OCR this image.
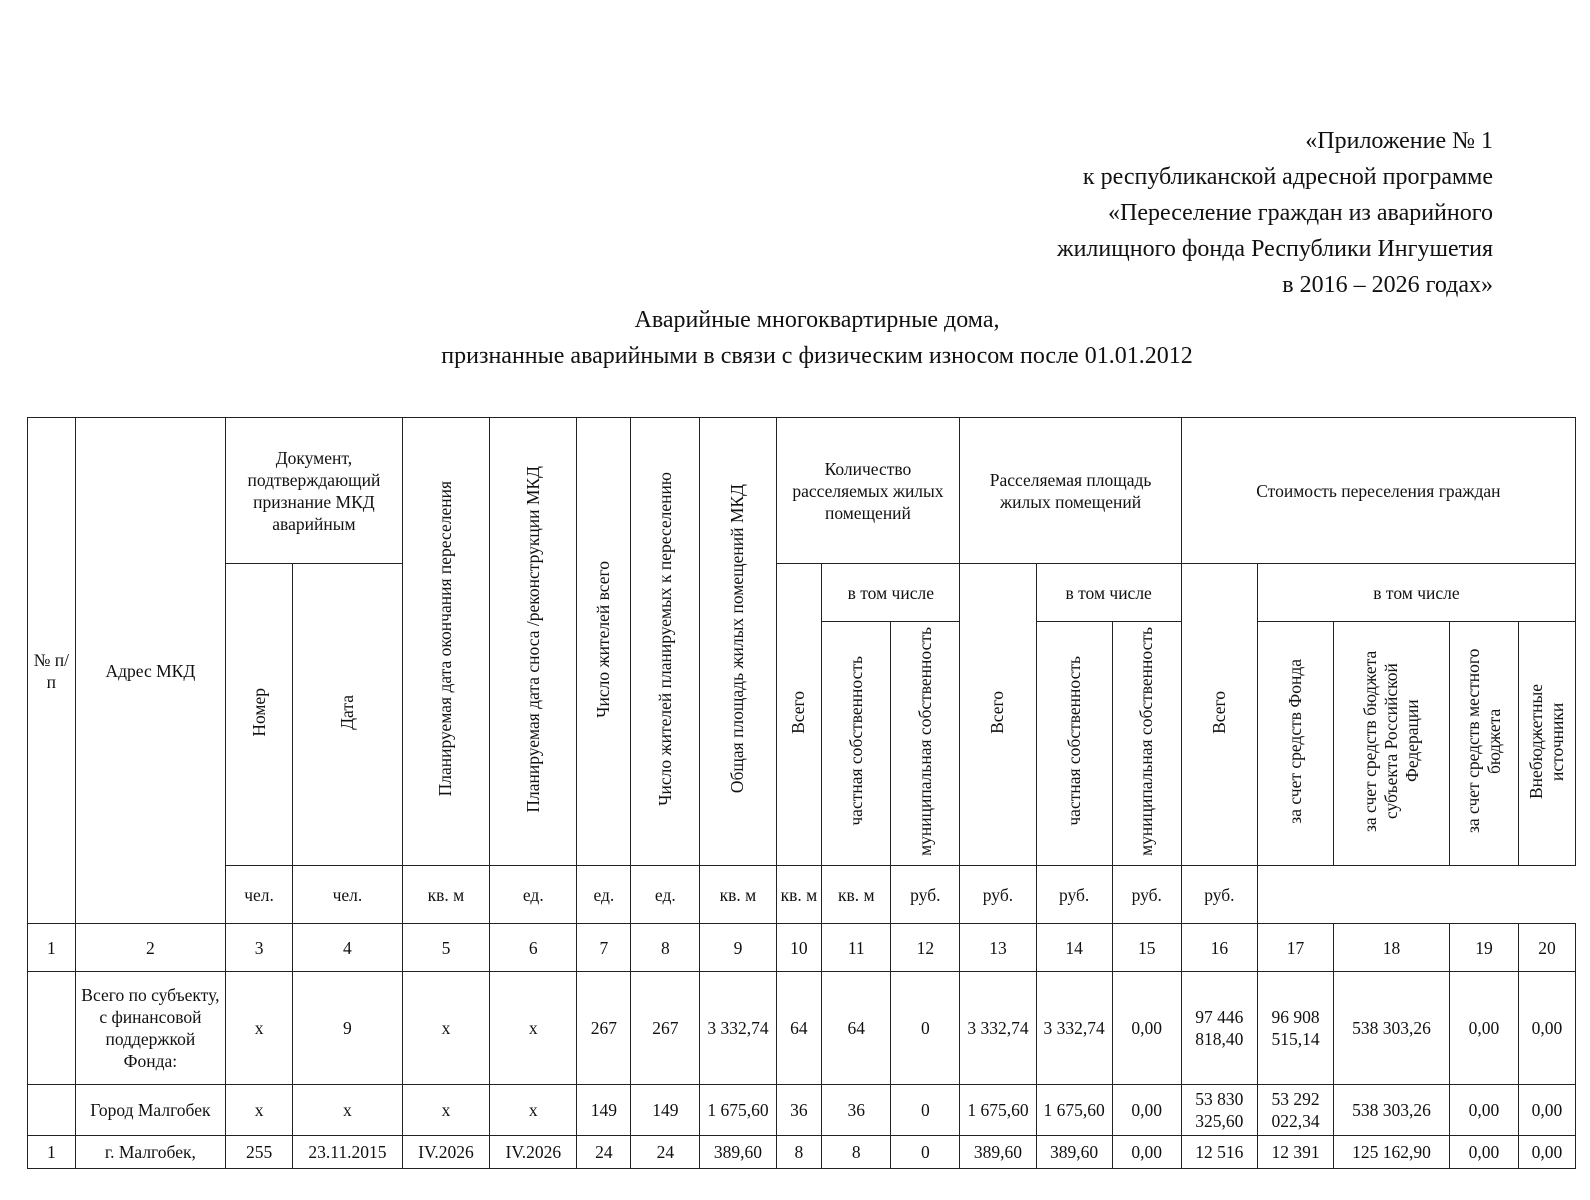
«Приложение № 1
к республиканской адресной программе
«Переселение граждан из аварийного
жилищного фонда Республики Ингушетия
в 2016 – 2026 годах»
Аварийные многоквартирные дома,
признанные аварийными в связи с физическим износом после 01.01.2012
№ п/п	Адрес МКД	Документ, подтверждающий признание МКД аварийным		Планируемая дата окончания переселения	Планируемая дата сноса /реконструкции МКД	Число жителей всего	Число жителей планируемых к переселению	Общая площадь жилых помещений МКД	Количество расселяемых жилых помещений			Расселяемая площадь жилых помещений			Стоимость переселения граждан				
		Номер	Дата						Всего	в том числе		Всего	в том числе		Всего	в том числе			
										частная собственность	муниципальная собственность		частная собственность	муниципальная собственность		за счет средств Фонда	за счет средств бюджета субъекта Российской Федерации	за счет средств местного бюджета	Внебюджетные источники
		чел.	чел.	кв. м	ед.	ед.	ед.	кв. м	кв. м	кв. м	руб.	руб.	руб.	руб.	руб.				
1	2	3	4	5	6	7	8	9	10	11	12	13	14	15	16	17	18	19	20
	Всего по субъекту, с финансовой поддержкой Фонда:	х	9	х	х	267	267	3 332,74	64	64	0	3 332,74	3 332,74	0,00	97 446 818,40	96 908 515,14	538 303,26	0,00	0,00
	Город Малгобек	х	х	х	х	149	149	1 675,60	36	36	0	1 675,60	1 675,60	0,00	53 830 325,60	53 292 022,34	538 303,26	0,00	0,00
1	г. Малгобек,	255	23.11.2015	IV.2026	IV.2026	24	24	389,60	8	8	0	389,60	389,60	0,00	12 516	12 391	125 162,90	0,00	0,00
